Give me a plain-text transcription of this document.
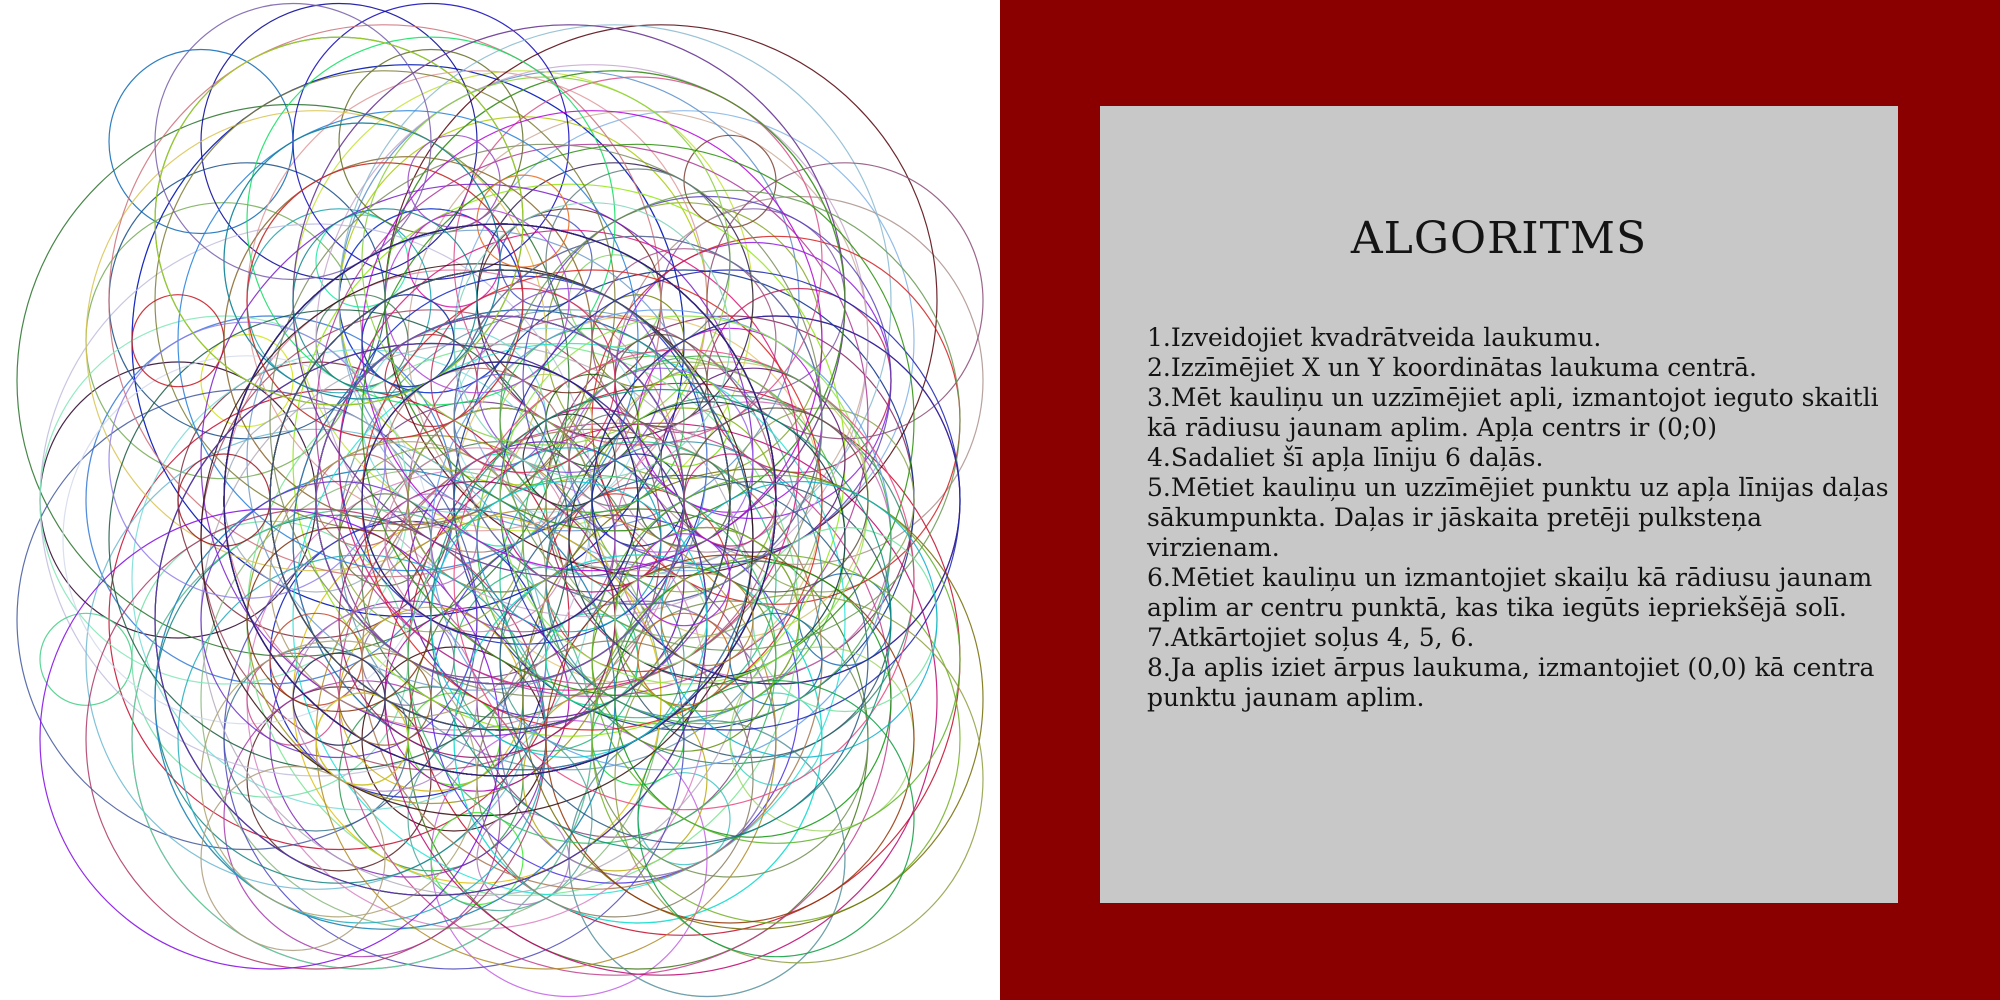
ALGORITMS

1.Izveidojiet kvadrātveida laukumu.

2.Izzīmējiet X un Y koordinātas laukuma centrā.

3.Mēt kauliņu un uzzīmējiet apli, izmantojot ieguto skaitli kā rādiusu jaunam aplim. Apļa centrs ir (0;0)

4.Sadaliet šī apļa līniju 6 daļās.

5.Mētiet kauliņu un uzzīmējiet punktu uz apļa līnijas daļas sākumpunkta. Daļas ir jāskaita pretēji pulksteņa virzienam.

6.Mētiet kauliņu un izmantojiet skaiļu kā rādiusu jaunam aplim ar centru punktā, kas tika iegūts iepriekšējā solī.

7.Atkārtojiet soļus 4, 5, 6.

8.Ja aplis iziet ārpus laukuma, izmantojiet (0,0) kā centra punktu jaunam aplim.
